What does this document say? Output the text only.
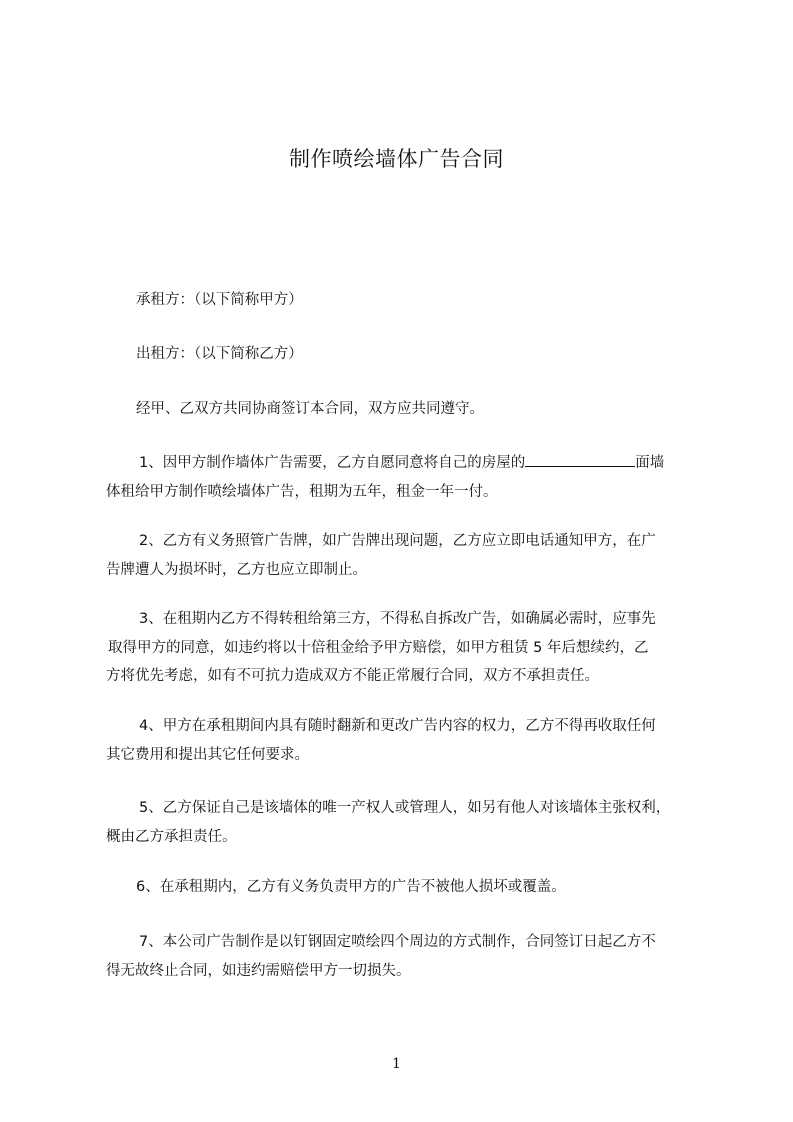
制作喷绘墙体广告合同
承租方：（以下简称甲方）
出租方：（以下简称乙方）
经甲、乙双方共同协商签订本合同，双方应共同遵守。
1、因甲方制作墙体广告需要，乙方自愿同意将自己的房屋的	面墙
体租给甲方制作喷绘墙体广告，租期为五年，租金一年一付。
2、乙方有义务照管广告牌，如广告牌出现问题，乙方应立即电话通知甲方，在广
告牌遭人为损坏时，乙方也应立即制止。
3、在租期内乙方不得转租给第三方，不得私自拆改广告，如确属必需时，应事先
取得甲方的同意，如违约将以十倍租金给予甲方赔偿，如甲方租赁 5 年后想续约，乙
方将优先考虑，如有不可抗力造成双方不能正常履行合同，双方不承担责任。
4、甲方在承租期间内具有随时翻新和更改广告内容的权力，乙方不得再收取任何
其它费用和提出其它任何要求。
5、乙方保证自己是该墙体的唯一产权人或管理人，如另有他人对该墙体主张权利，
概由乙方承担责任。
6、在承租期内，乙方有义务负责甲方的广告不被他人损坏或覆盖。
7、本公司广告制作是以钉钢固定喷绘四个周边的方式制作，合同签订日起乙方不
得无故终止合同，如违约需赔偿甲方一切损失。
1
